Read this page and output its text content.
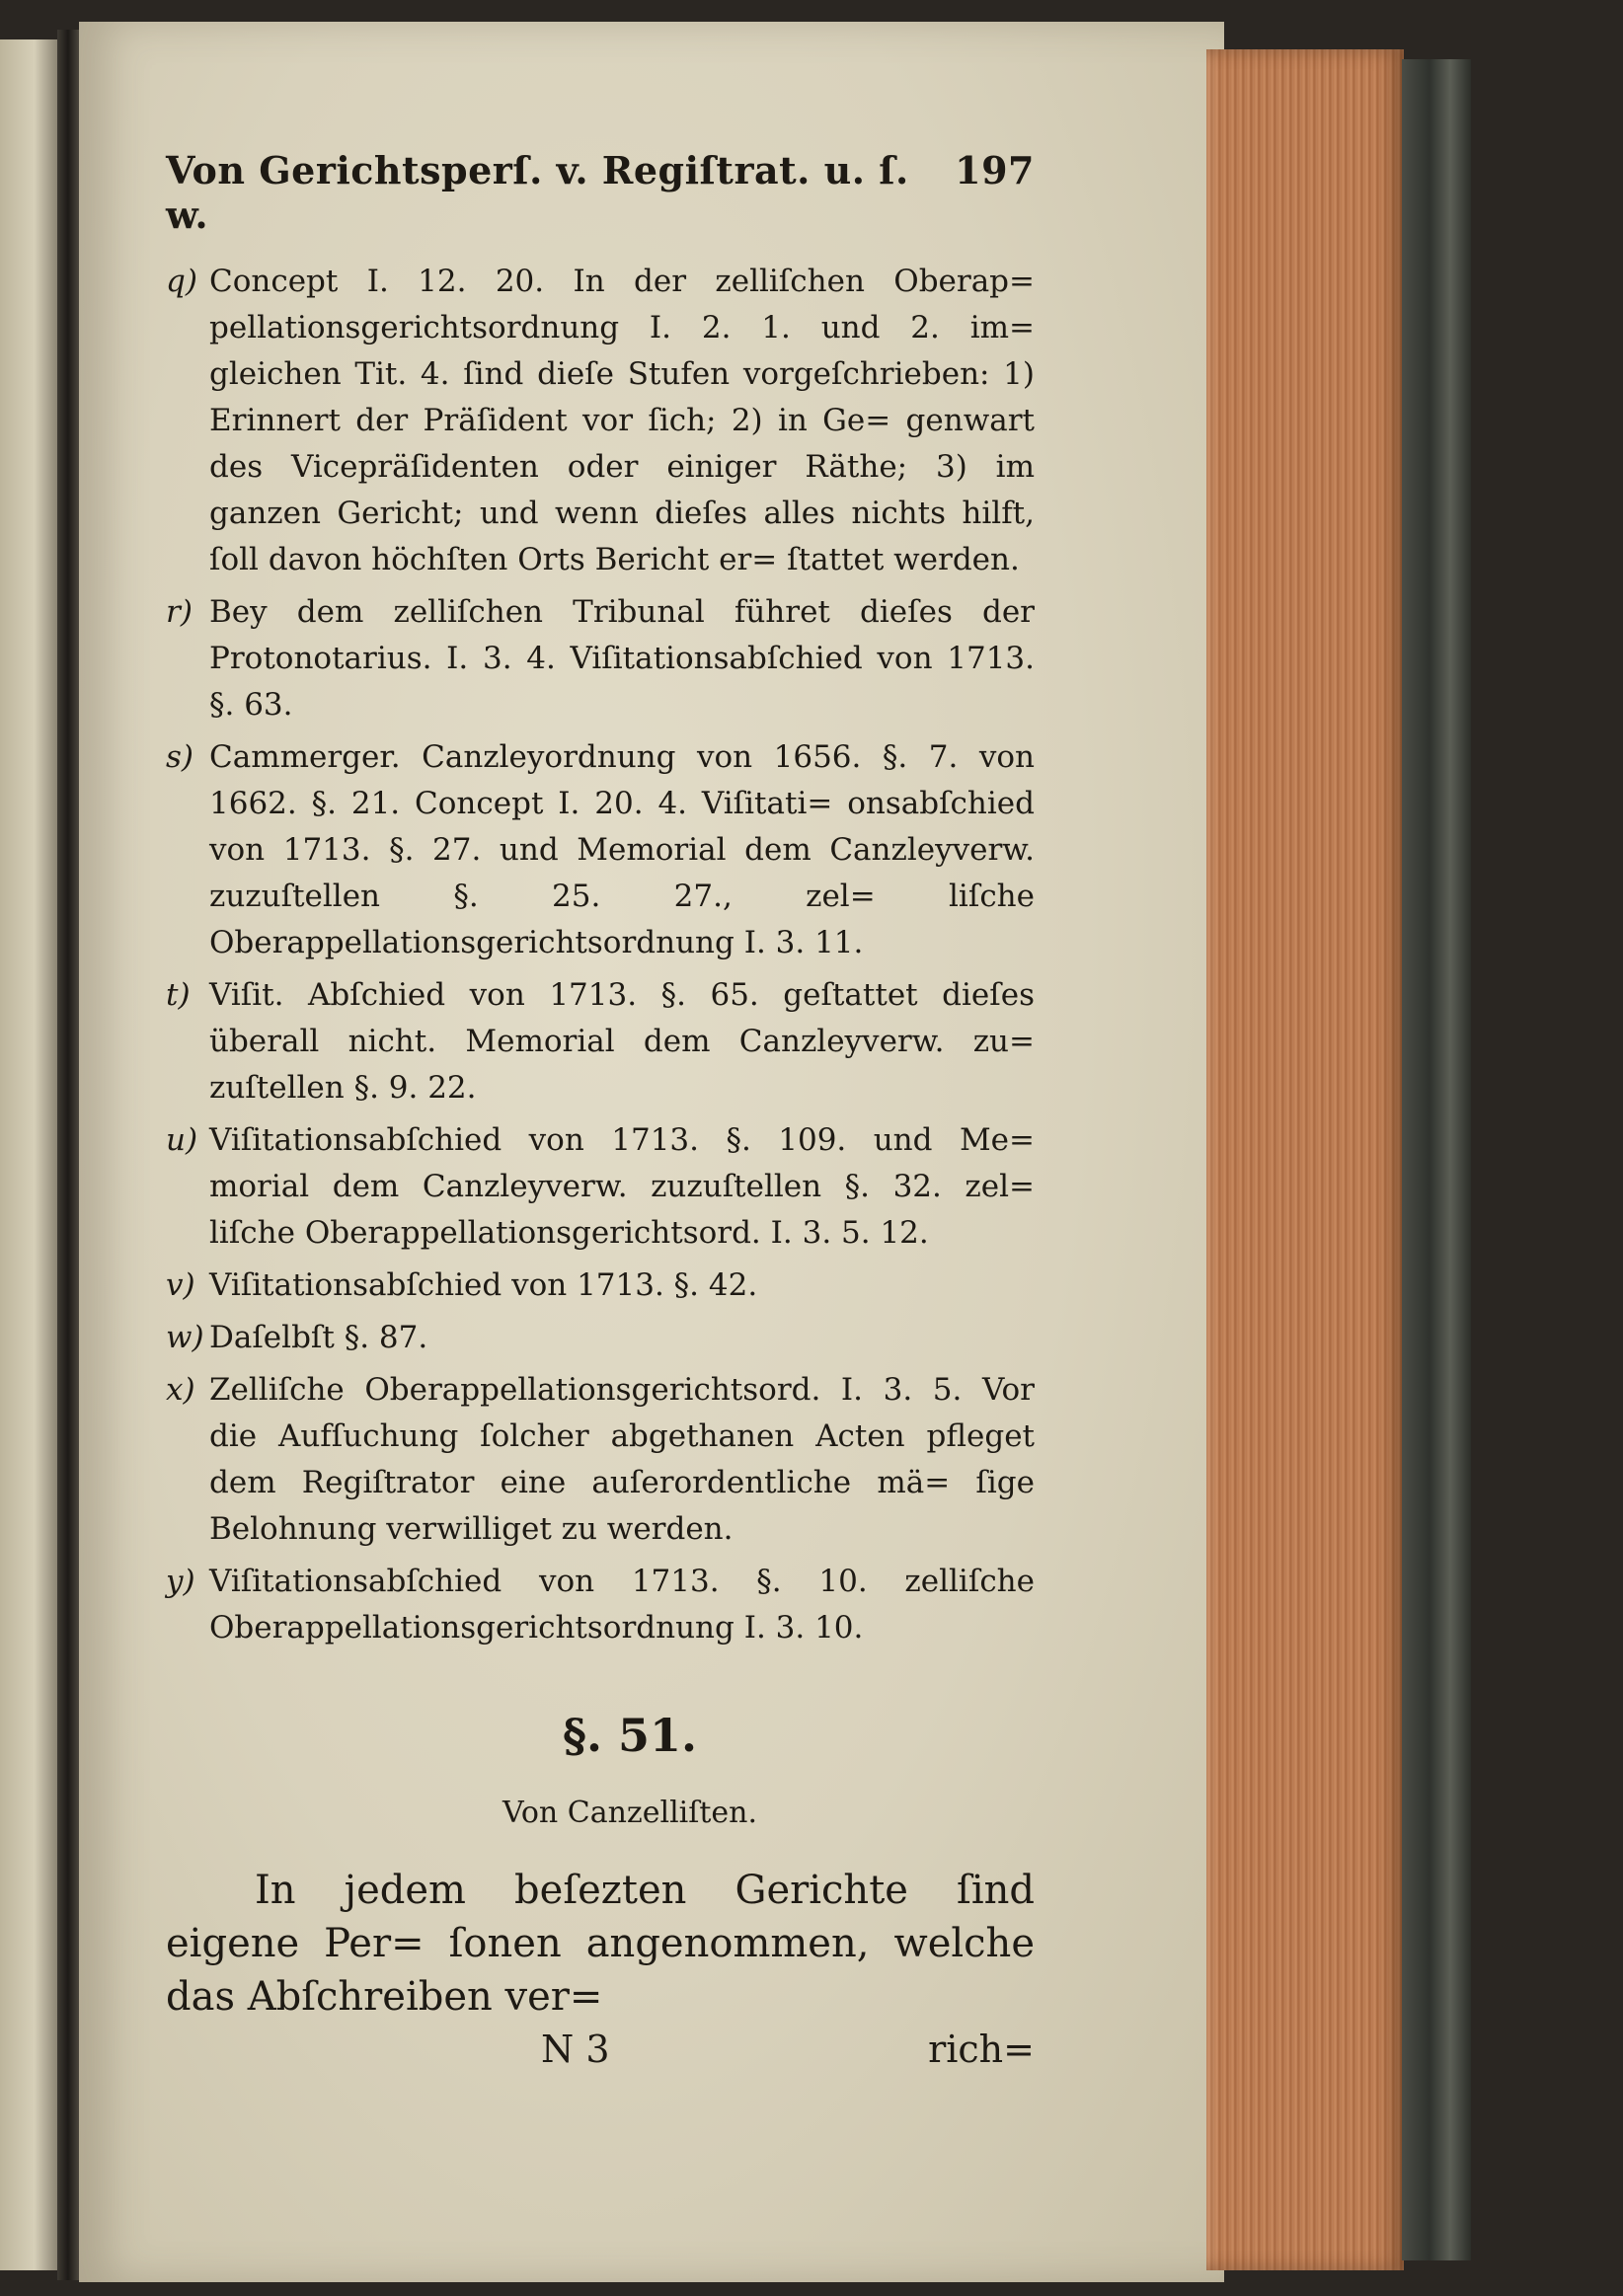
Von Gerichtsperſ. v. Regiſtrat. u. ſ. w.
197
q) Concept I. 12. 20. In der zelliſchen Oberap= pellationsgerichtsordnung I. 2. 1. und 2. im= gleichen Tit. 4. ſind dieſe Stufen vorgeſchrieben: 1) Erinnert der Präſident vor ſich; 2) in Ge= genwart des Vicepräſidenten oder einiger Räthe; 3) im ganzen Gericht; und wenn dieſes alles nichts hilft, ſoll davon höchſten Orts Bericht er= ſtattet werden.
r) Bey dem zelliſchen Tribunal führet dieſes der Protonotarius. I. 3. 4. Viſitationsabſchied von 1713. §. 63.
s) Cammerger. Canzleyordnung von 1656. §. 7. von 1662. §. 21. Concept I. 20. 4. Viſitati= onsabſchied von 1713. §. 27. und Memorial dem Canzleyverw. zuzuſtellen §. 25. 27., zel= liſche Oberappellationsgerichtsordnung I. 3. 11.
t) Viſit. Abſchied von 1713. §. 65. geſtattet dieſes überall nicht. Memorial dem Canzleyverw. zu= zuſtellen §. 9. 22.
u) Viſitationsabſchied von 1713. §. 109. und Me= morial dem Canzleyverw. zuzuſtellen §. 32. zel= liſche Oberappellationsgerichtsord. I. 3. 5. 12.
v) Viſitationsabſchied von 1713. §. 42.
w) Daſelbſt §. 87.
x) Zelliſche Oberappellationsgerichtsord. I. 3. 5. Vor die Aufſuchung ſolcher abgethanen Acten pfleget dem Regiſtrator eine auſerordentliche mä= ſige Belohnung verwilliget zu werden.
y) Viſitationsabſchied von 1713. §. 10. zelliſche Oberappellationsgerichtsordnung I. 3. 10.
§. 51.
Von Canzelliſten.
In jedem beſezten Gerichte ſind eigene Per= ſonen angenommen, welche das Abſchreiben ver=
N 3	rich=
